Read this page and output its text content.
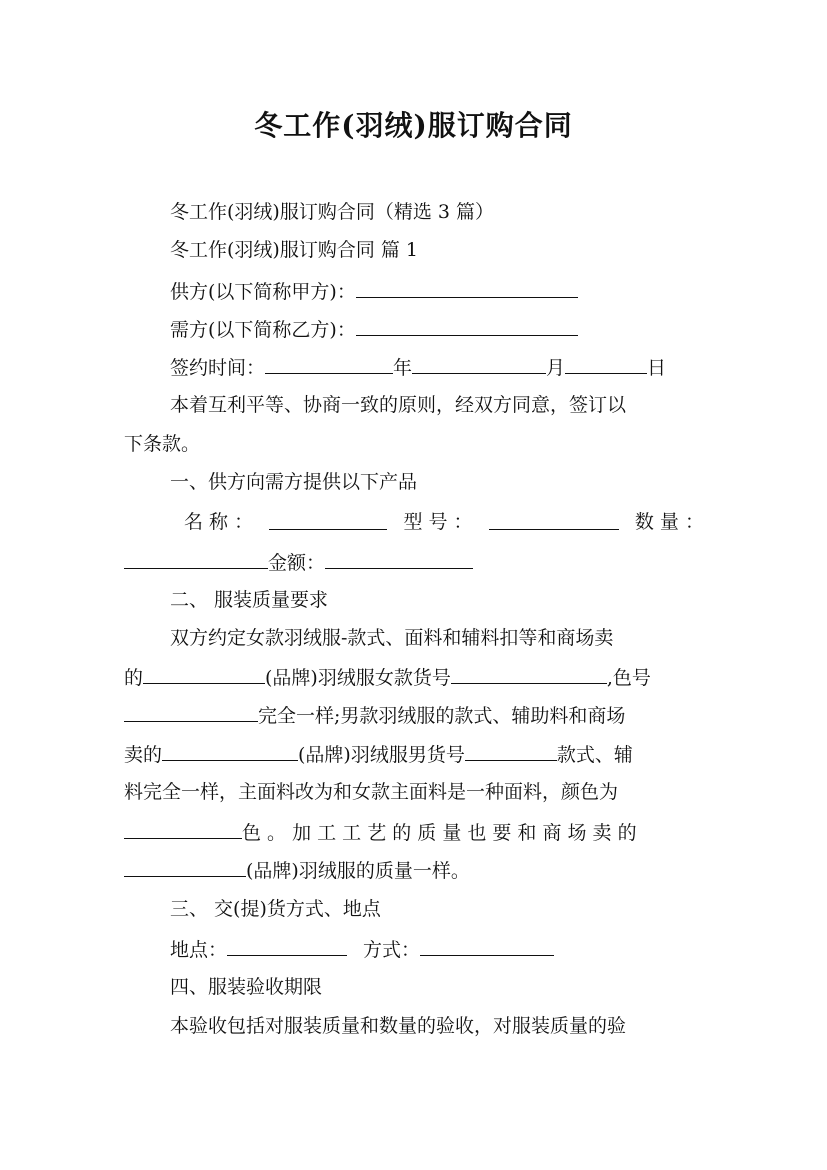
冬工作(羽绒)服订购合同
冬工作(羽绒)服订购合同（精选 3 篇）
冬工作(羽绒)服订购合同 篇 1
供方(以下简称甲方)：
需方(以下简称乙方)：
签约时间：	年	月	日
本着互利平等、协商一致的原则，经双方同意，签订以
下条款。
一、供方向需方提供以下产品
名 称 ：	型 号 ：	数 量 ：
金额：
二、 服装质量要求
双方约定女款羽绒服-款式、面料和辅料扣等和商场卖
的	(品牌)羽绒服女款货号	,色号
完全一样;男款羽绒服的款式、辅助料和商场
卖的	(品牌)羽绒服男货号	款式、辅
料完全一样，主面料改为和女款主面料是一种面料，颜色为
色 。 加 工 工 艺 的 质 量 也 要 和 商 场 卖 的
(品牌)羽绒服的质量一样。
三、 交(提)货方式、地点
地点：	方式：
四、服装验收期限
本验收包括对服装质量和数量的验收，对服装质量的验
